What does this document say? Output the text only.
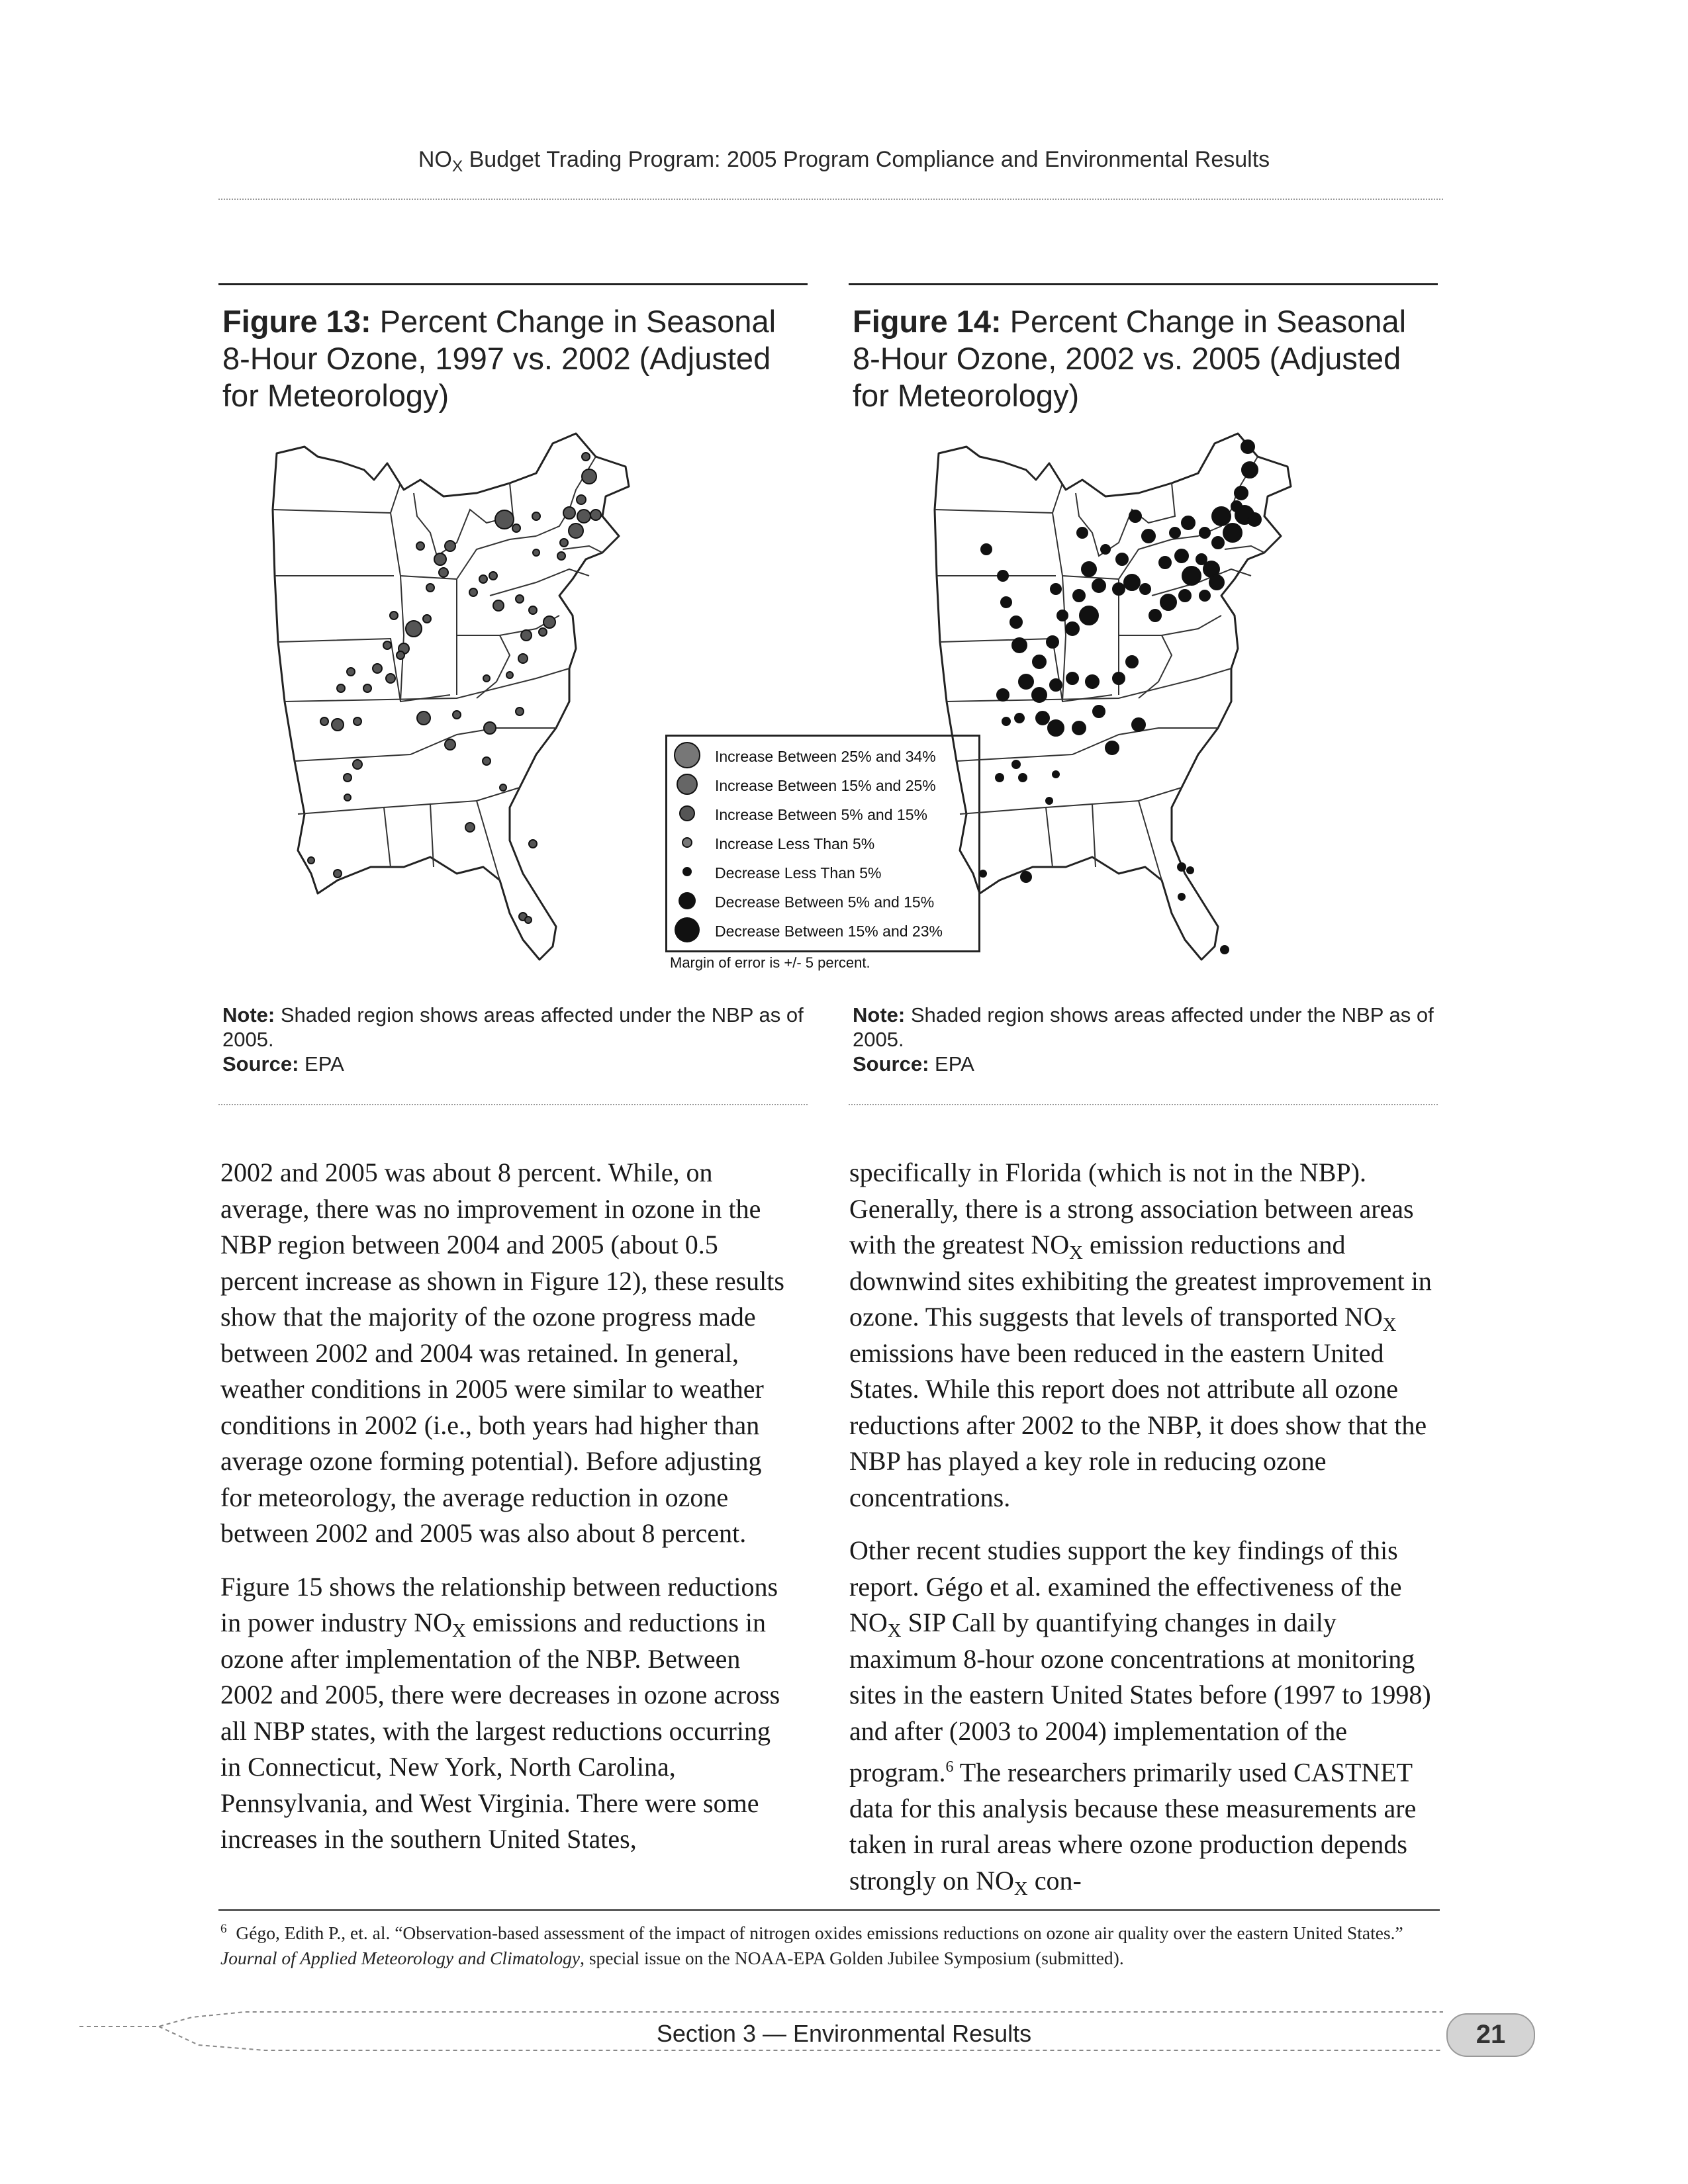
$NO_X$ Budget Trading Program: 2005 Program Compliance and Environmental Results
Figure 13: Percent Change in Seasonal 8-Hour Ozone, 1997 vs. 2002 (Adjusted for Meteorology)
Figure 14: Percent Change in Seasonal 8-Hour Ozone, 2002 vs. 2005 (Adjusted for Meteorology)
Increase Between 25% and 34%
Increase Between 15% and 25%
Increase Between 5% and 15%
Increase Less Than 5%
Decrease Less Than 5%
Decrease Between 5% and 15%
Decrease Between 15% and 23%
Margin of error is +/- 5 percent.
Note: Shaded region shows areas affected under the NBP as of 2005.
Source: EPA
Note: Shaded region shows areas affected under the NBP as of 2005.
Source: EPA

2002 and 2005 was about 8 percent. While, on average, there was no improvement in ozone in the NBP region between 2004 and 2005 (about 0.5 percent increase as shown in Figure 12), these results show that the majority of the ozone progress made between 2002 and 2004 was retained. In general, weather conditions in 2005 were similar to weather conditions in 2002 (i.e., both years had higher than average ozone forming potential). Before adjusting for meteorology, the average reduction in ozone between 2002 and 2005 was also about 8 percent.

Figure 15 shows the relationship between reductions in power industry $NO_X$ emissions and reductions in ozone after implementation of the NBP. Between 2002 and 2005, there were decreases in ozone across all NBP states, with the largest reductions occurring in Connecticut, New York, North Carolina, Pennsylvania, and West Virginia. There were some increases in the southern United States,

specifically in Florida (which is not in the NBP). Generally, there is a strong association between areas with the greatest $NO_X$ emission reductions and downwind sites exhibiting the greatest improvement in ozone. This suggests that levels of transported $NO_X$ emissions have been reduced in the eastern United States. While this report does not attribute all ozone reductions after 2002 to the NBP, it does show that the NBP has played a key role in reducing ozone concentrations.

Other recent studies support the key findings of this report. Gégo et al. examined the effectiveness of the $NO_X$ SIP Call by quantifying changes in daily maximum 8-hour ozone concentrations at monitoring sites in the eastern United States before (1997 to 1998) and after (2003 to 2004) implementation of the program.$^6$ The researchers primarily used CASTNET data for this analysis because these measurements are taken in rural areas where ozone production depends strongly on $NO_X$ con-

$^6$ Gégo, Edith P., et. al. “Observation-based assessment of the impact of nitrogen oxides emissions reductions on ozone air quality over the eastern United States.” Journal of Applied Meteorology and Climatology, special issue on the NOAA-EPA Golden Jubilee Symposium (submitted).
Section 3 — Environmental Results	21
